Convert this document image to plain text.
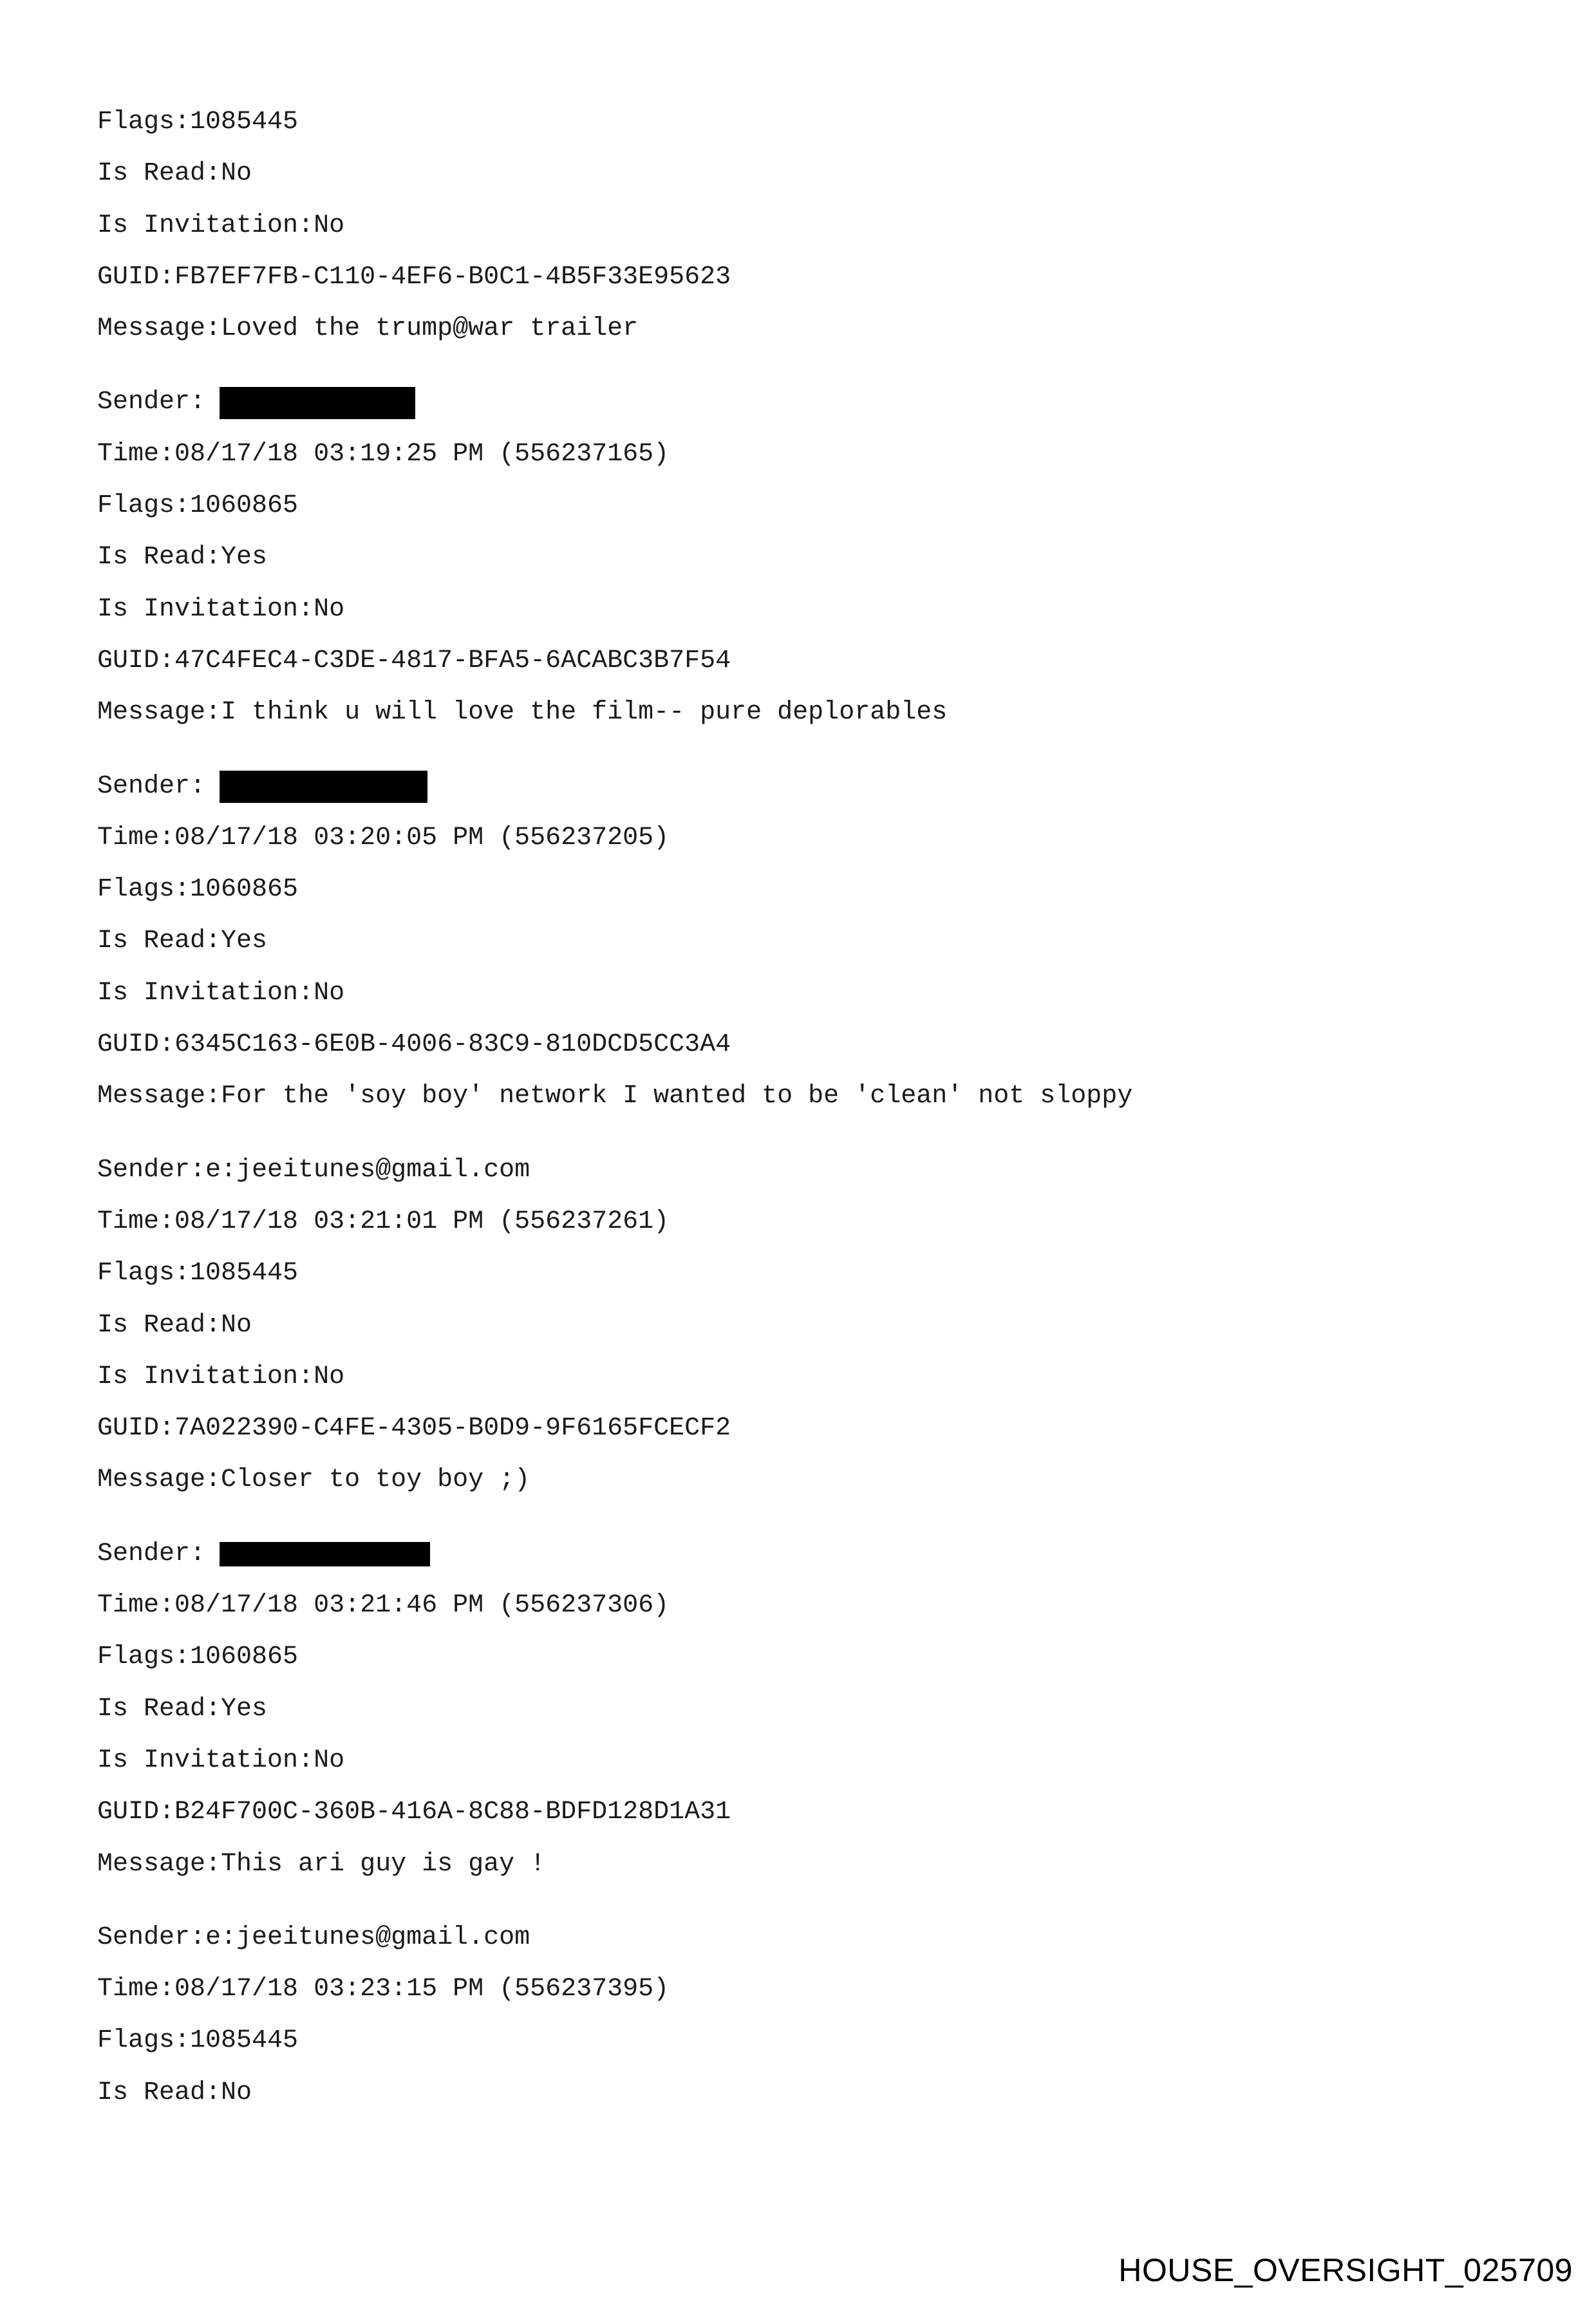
Flags: 1085445
Is Read: No
Is Invitation: No
GUID: FB7EF7FB-C110-4EF6-B0C1-4B5F33E95623
Message: Loved the trump@war trailer
Sender:
Time: 08/17/18 03:19:25 PM (556237165)
Flags: 1060865
Is Read: Yes
Is Invitation: No
GUID: 47C4FEC4-C3DE-4817-BFA5-6ACABC3B7F54
Message: I think u will love the film-- pure deplorables
Sender:
Time: 08/17/18 03:20:05 PM (556237205)
Flags: 1060865
Is Read: Yes
Is Invitation: No
GUID: 6345C163-6E0B-4006-83C9-810DCD5CC3A4
Message: For the 'soy boy' network I wanted to be 'clean' not sloppy
Sender: e:jeeitunes@gmail.com
Time: 08/17/18 03:21:01 PM (556237261)
Flags: 1085445
Is Read: No
Is Invitation: No
GUID: 7A022390-C4FE-4305-B0D9-9F6165FCECF2
Message: Closer to toy boy ;)
Sender:
Time: 08/17/18 03:21:46 PM (556237306)
Flags: 1060865
Is Read: Yes
Is Invitation: No
GUID: B24F700C-360B-416A-8C88-BDFD128D1A31
Message: This ari guy is gay !
Sender: e:jeeitunes@gmail.com
Time: 08/17/18 03:23:15 PM (556237395)
Flags: 1085445
Is Read: No
HOUSE_OVERSIGHT_025709
